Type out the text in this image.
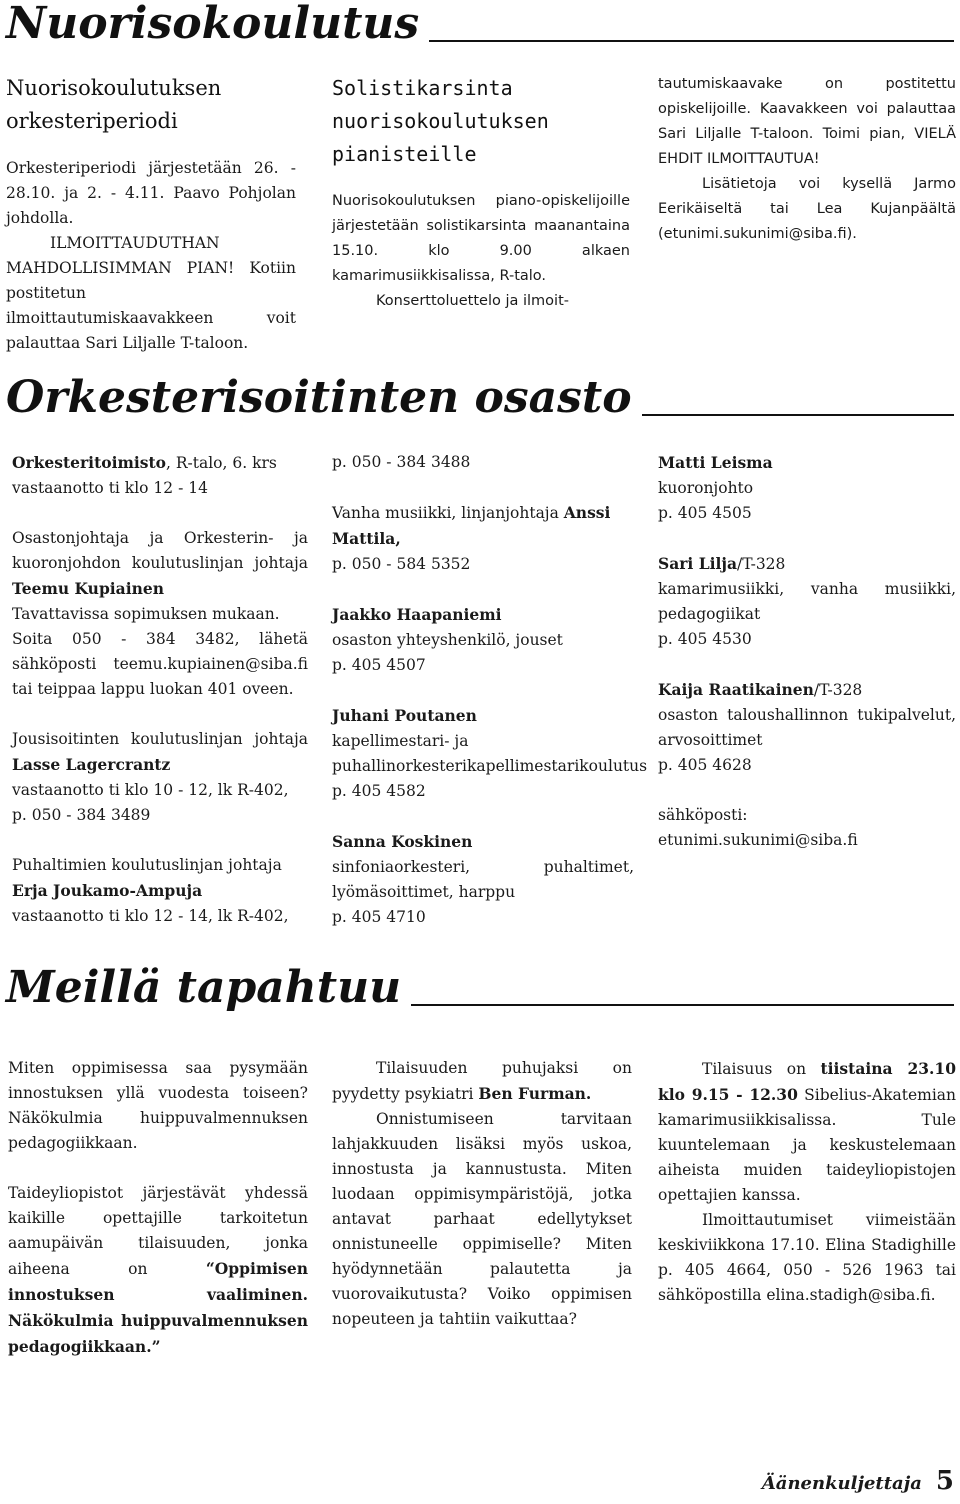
Nuorisokoulutus
Nuorisokoulutuksen orkesteriperiodi

Orkesteriperiodi järjestetään 26. - 28.10. ja 2. - 4.11. Paavo Pohjolan johdolla.

ILMOITTAUDUTHAN MAHDOLLISIMMAN PIAN! Kotiin postitetun ilmoittautumiskaavakkeen voit palauttaa Sari Liljalle T-taloon.

Solistikarsinta nuorisokoulutuksen pianisteille

Nuorisokoulutuksen piano-opiskelijoille järjestetään solistikarsinta maanantaina 15.10. klo 9.00 alkaen kamarimusiikkisalissa, R-talo.

Konserttoluettelo ja ilmoit-

tautumiskaavake on postitettu opiskelijoille. Kaavakkeen voi palauttaa Sari Liljalle T-taloon. Toimi pian, VIELÄ EHDIT ILMOITTAUTUA!

Lisätietoja voi kysellä Jarmo Eerikäiseltä tai Lea Kujanpäältä (etunimi.sukunimi@siba.fi).

Orkesterisoitinten osasto

Orkesteritoimisto, R-talo, 6. krs

vastaanotto ti klo 12 - 14

Osastonjohtaja ja Orkesterin- ja kuoronjohdon koulutuslinjan johtaja Teemu Kupiainen

Tavattavissa sopimuksen mukaan.

Soita 050 - 384 3482, lähetä sähköposti teemu.kupiainen@siba.fi tai teippaa lappu luokan 401 oveen.

Jousisoitinten koulutuslinjan johtaja Lasse Lagercrantz

vastaanotto ti klo 10 - 12, lk R-402,

p. 050 - 384 3489

Puhaltimien koulutuslinjan johtaja

Erja Joukamo-Ampuja

vastaanotto ti klo 12 - 14, lk R-402,

p. 050 - 384 3488

Vanha musiikki, linjanjohtaja Anssi Mattila,

p. 050 - 584 5352

Jaakko Haapaniemi

osaston yhteyshenkilö, jouset

p. 405 4507

Juhani Poutanen

kapellimestari- ja puhallinorkesterikapellimestarikoulutus

p. 405 4582

Sanna Koskinen

sinfoniaorkesteri, puhaltimet, lyömäsoittimet, harppu

p. 405 4710

Matti Leisma

kuoronjohto

p. 405 4505

Sari Lilja/T-328

kamarimusiikki, vanha musiikki, pedagogiikat

p. 405 4530

Kaija Raatikainen/T-328

osaston taloushallinnon tukipalvelut, arvosoittimet

p. 405 4628

sähköposti:

etunimi.sukunimi@siba.fi

Meillä tapahtuu

Miten oppimisessa saa pysymään innostuksen yllä vuodesta toiseen? Näkökulmia huippuvalmennuksen pedagogiikkaan.

Taideyliopistot järjestävät yhdessä kaikille opettajille tarkoitetun aamupäivän tilaisuuden, jonka aiheena on “Oppimisen innostuksen vaaliminen. Näkökulmia huippuvalmennuksen pedagogiikkaan.”

Tilaisuuden puhujaksi on pyydetty psykiatri Ben Furman.

Onnistumiseen tarvitaan lahjakkuuden lisäksi myös uskoa, innostusta ja kannustusta. Miten luodaan oppimisympäristöjä, jotka antavat parhaat edellytykset onnistuneelle oppimiselle? Miten hyödynnetään palautetta ja vuorovaikutusta? Voiko oppimisen nopeuteen ja tahtiin vaikuttaa?

Tilaisuus on tiistaina 23.10 klo 9.15 - 12.30 Sibelius-Akatemian kamarimusiikkisalissa. Tule kuuntelemaan ja keskustelemaan aiheista muiden taideyliopistojen opettajien kanssa.

Ilmoittautumiset viimeistään keskiviikkona 17.10. Elina Stadighille p. 405 4664, 050 - 526 1963 tai sähköpostilla elina.stadigh@siba.fi.

Äänenkuljettaja 5
